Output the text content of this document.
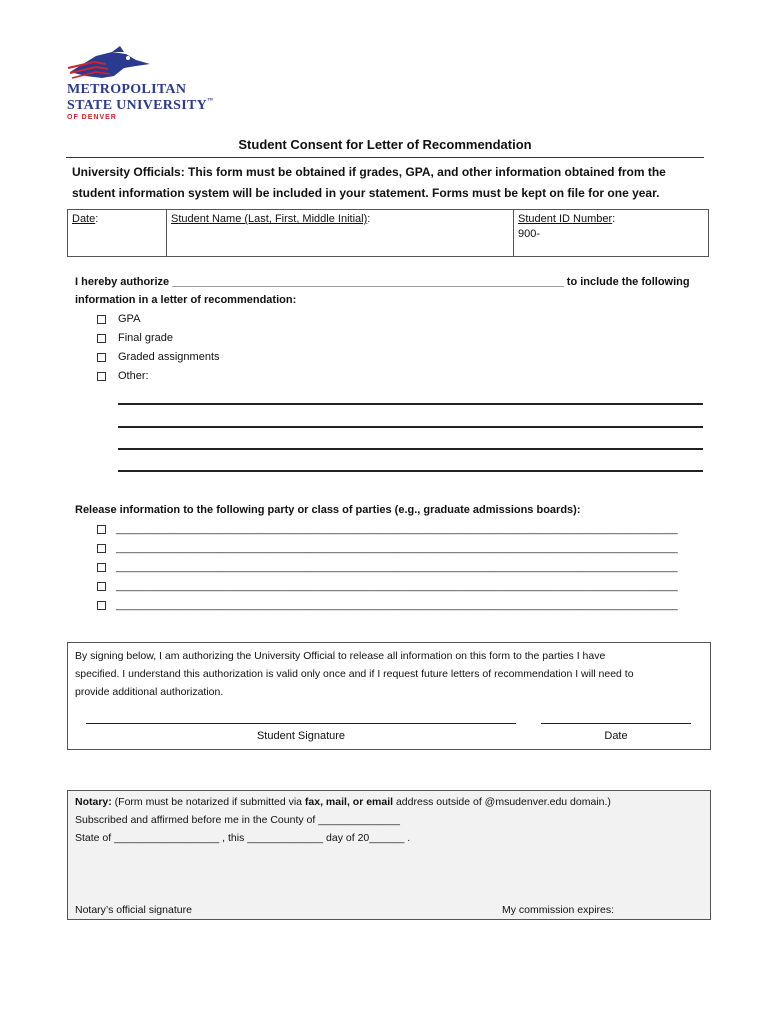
METROPOLITAN
STATE UNIVERSITY™
OF DENVER
Student Consent for Letter of Recommendation
University Officials: This form must be obtained if grades, GPA, and other information obtained from the student information system will be included in your statement. Forms must be kept on file for one year.
Date:	Student Name (Last, First, Middle Initial):	Student ID Number:
900-
I hereby authorize ________________________________________________________________ to include the following
information in a letter of recommendation:
GPA
Final grade
Graded assignments
Other:
Release information to the following party or class of parties (e.g., graduate admissions boards):
_____________________________________________________________________________________________________
_____________________________________________________________________________________________________
_____________________________________________________________________________________________________
_____________________________________________________________________________________________________
_____________________________________________________________________________________________________
By signing below, I am authorizing the University Official to release all information on this form to the parties I have
specified. I understand this authorization is valid only once and if I request future letters of recommendation I will need to
provide additional authorization.
Student Signature	Date
Notary: (Form must be notarized if submitted via fax, mail, or email address outside of @msudenver.edu domain.)
Subscribed and affirmed before me in the County of ______________
State of __________________ , this _____________ day of 20______ .
Notary’s official signature	My commission expires:
